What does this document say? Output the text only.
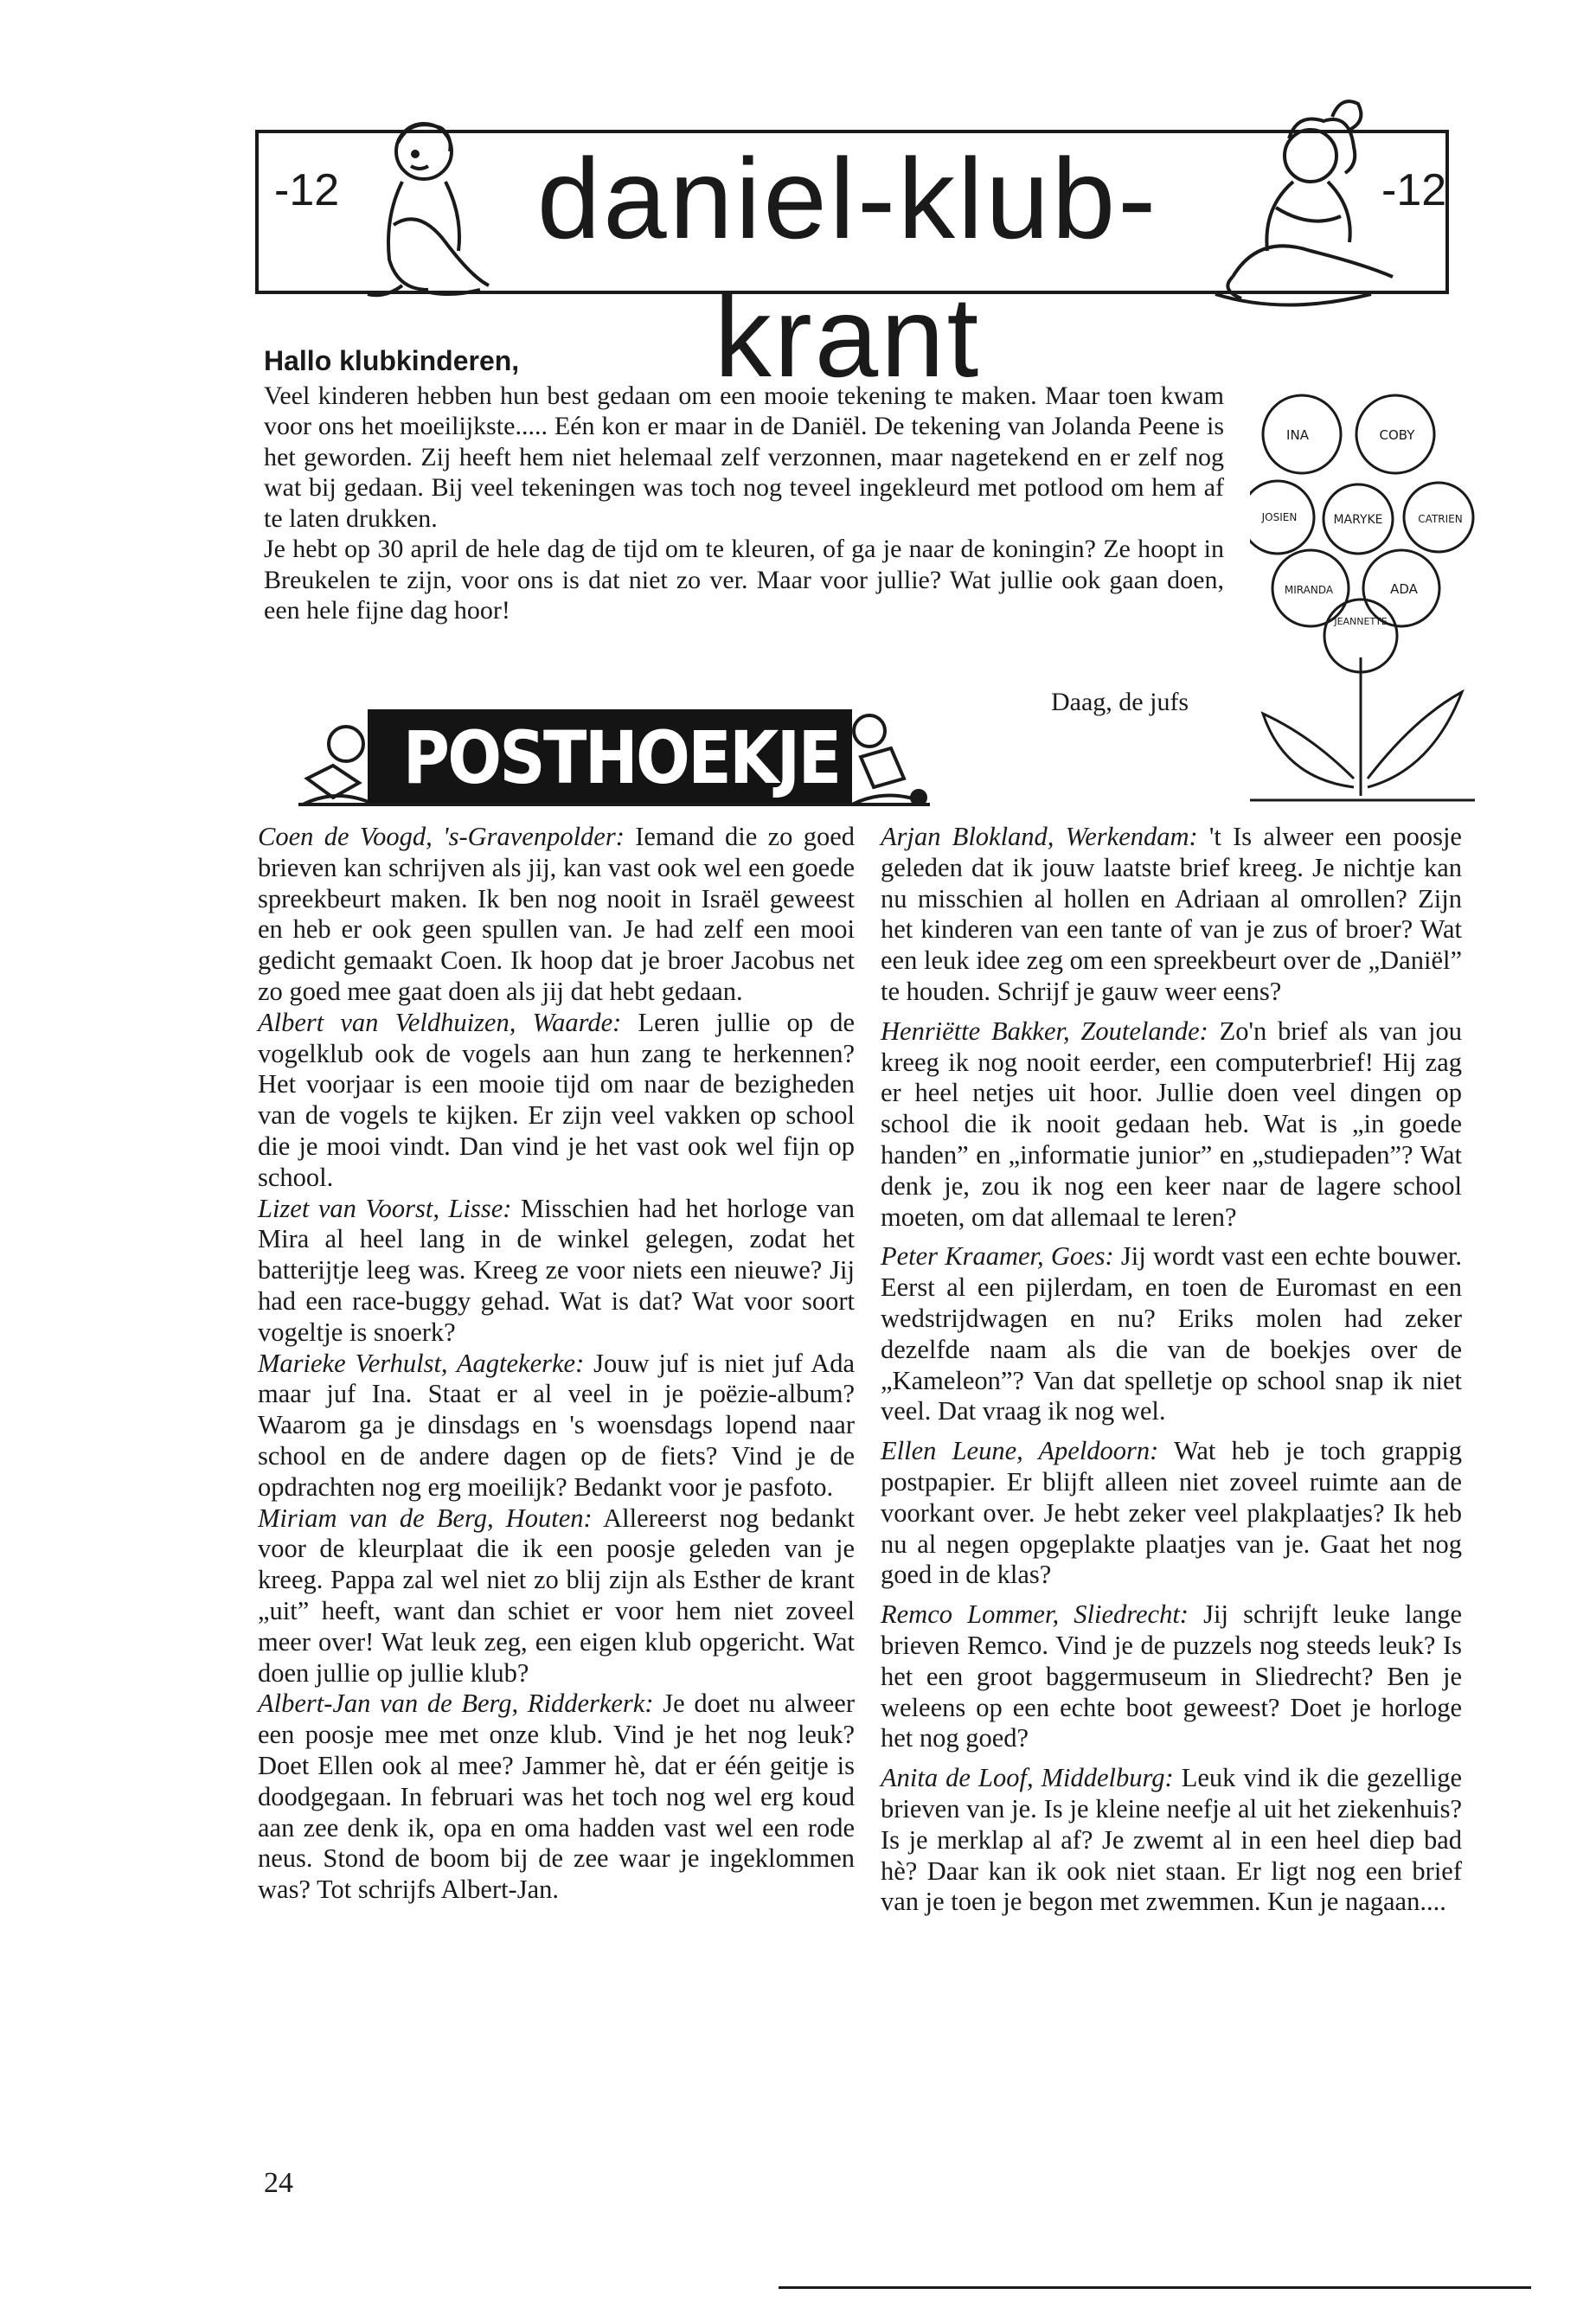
-12	daniel-klub-krant
-12
Hallo klubkinderen,

Veel kinderen hebben hun best gedaan om een mooie tekening te maken. Maar toen kwam voor ons het moeilijkste..... Eén kon er maar in de Daniël. De tekening van Jolanda Peene is het geworden. Zij heeft hem niet helemaal zelf verzonnen, maar nagetekend en er zelf nog wat bij gedaan. Bij veel tekeningen was toch nog teveel ingekleurd met potlood om hem af te laten drukken.

Je hebt op 30 april de hele dag de tijd om te kleuren, of ga je naar de koningin? Ze hoopt in Breukelen te zijn, voor ons is dat niet zo ver. Maar voor jullie? Wat jullie ook gaan doen, een hele fijne dag hoor!

Daag, de jufs
INA	COBY
JOSIEN	MARYKE	CATRIEN
MIRANDA	ADA
JEANNETTE
POSTHOEKJE

Coen de Voogd, 's-Gravenpolder: Iemand die zo goed brieven kan schrijven als jij, kan vast ook wel een goede spreekbeurt maken. Ik ben nog nooit in Israël geweest en heb er ook geen spullen van. Je had zelf een mooi gedicht gemaakt Coen. Ik hoop dat je broer Jacobus net zo goed mee gaat doen als jij dat hebt gedaan.

Albert van Veldhuizen, Waarde: Leren jullie op de vogelklub ook de vogels aan hun zang te herkennen? Het voorjaar is een mooie tijd om naar de bezigheden van de vogels te kijken. Er zijn veel vakken op school die je mooi vindt. Dan vind je het vast ook wel fijn op school.

Lizet van Voorst, Lisse: Misschien had het horloge van Mira al heel lang in de winkel gelegen, zodat het batterijtje leeg was. Kreeg ze voor niets een nieuwe? Jij had een race-buggy gehad. Wat is dat? Wat voor soort vogeltje is snoerk?

Marieke Verhulst, Aagtekerke: Jouw juf is niet juf Ada maar juf Ina. Staat er al veel in je poëzie-album? Waarom ga je dinsdags en 's woensdags lopend naar school en de andere dagen op de fiets? Vind je de opdrachten nog erg moeilijk? Bedankt voor je pasfoto.

Miriam van de Berg, Houten: Allereerst nog bedankt voor de kleurplaat die ik een poosje geleden van je kreeg. Pappa zal wel niet zo blij zijn als Esther de krant „uit” heeft, want dan schiet er voor hem niet zoveel meer over! Wat leuk zeg, een eigen klub opgericht. Wat doen jullie op jullie klub?

Albert-Jan van de Berg, Ridderkerk: Je doet nu alweer een poosje mee met onze klub. Vind je het nog leuk? Doet Ellen ook al mee? Jammer hè, dat er één geitje is doodgegaan. In februari was het toch nog wel erg koud aan zee denk ik, opa en oma hadden vast wel een rode neus. Stond de boom bij de zee waar je ingeklommen was? Tot schrijfs Albert-Jan.

Arjan Blokland, Werkendam: 't Is alweer een poosje geleden dat ik jouw laatste brief kreeg. Je nichtje kan nu misschien al hollen en Adriaan al omrollen? Zijn het kinderen van een tante of van je zus of broer? Wat een leuk idee zeg om een spreekbeurt over de „Daniël” te houden. Schrijf je gauw weer eens?

Henriëtte Bakker, Zoutelande: Zo'n brief als van jou kreeg ik nog nooit eerder, een computerbrief! Hij zag er heel netjes uit hoor. Jullie doen veel dingen op school die ik nooit gedaan heb. Wat is „in goede handen” en „informatie junior” en „studiepaden”? Wat denk je, zou ik nog een keer naar de lagere school moeten, om dat allemaal te leren?

Peter Kraamer, Goes: Jij wordt vast een echte bouwer. Eerst al een pijlerdam, en toen de Euromast en een wedstrijdwagen en nu? Eriks molen had zeker dezelfde naam als die van de boekjes over de „Kameleon”? Van dat spelletje op school snap ik niet veel. Dat vraag ik nog wel.

Ellen Leune, Apeldoorn: Wat heb je toch grappig postpapier. Er blijft alleen niet zoveel ruimte aan de voorkant over. Je hebt zeker veel plakplaatjes? Ik heb nu al negen opgeplakte plaatjes van je. Gaat het nog goed in de klas?

Remco Lommer, Sliedrecht: Jij schrijft leuke lange brieven Remco. Vind je de puzzels nog steeds leuk? Is het een groot baggermuseum in Sliedrecht? Ben je weleens op een echte boot geweest? Doet je horloge het nog goed?

Anita de Loof, Middelburg: Leuk vind ik die gezellige brieven van je. Is je kleine neefje al uit het ziekenhuis? Is je merklap al af? Je zwemt al in een heel diep bad hè? Daar kan ik ook niet staan. Er ligt nog een brief van je toen je begon met zwemmen. Kun je nagaan....

24
